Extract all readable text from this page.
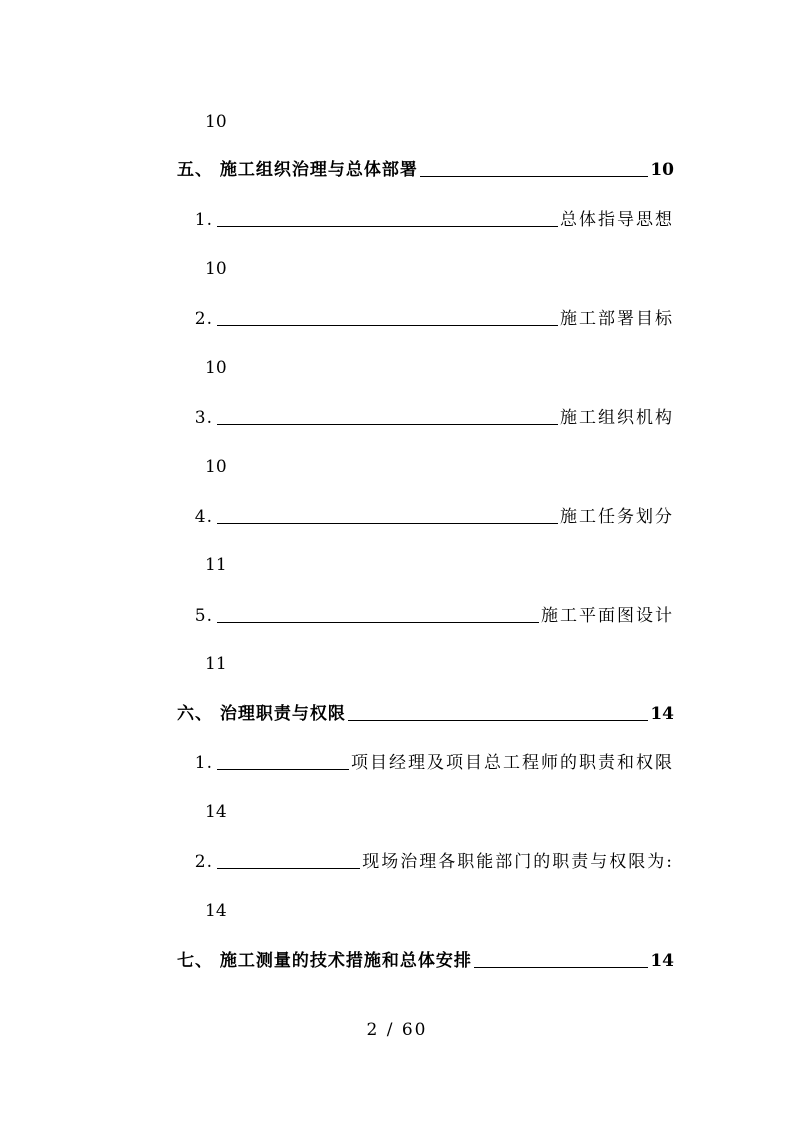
10
五、 施工组织治理与总体部署	10
1.	总体指导思想
10
2.	施工部署目标
10
3.	施工组织机构
10
4.	施工任务划分
11
5.	施工平面图设计
11
六、 治理职责与权限	14
1.	项目经理及项目总工程师的职责和权限
14
2.	现场治理各职能部门的职责与权限为:
14
七、 施工测量的技术措施和总体安排	14
2 / 60
